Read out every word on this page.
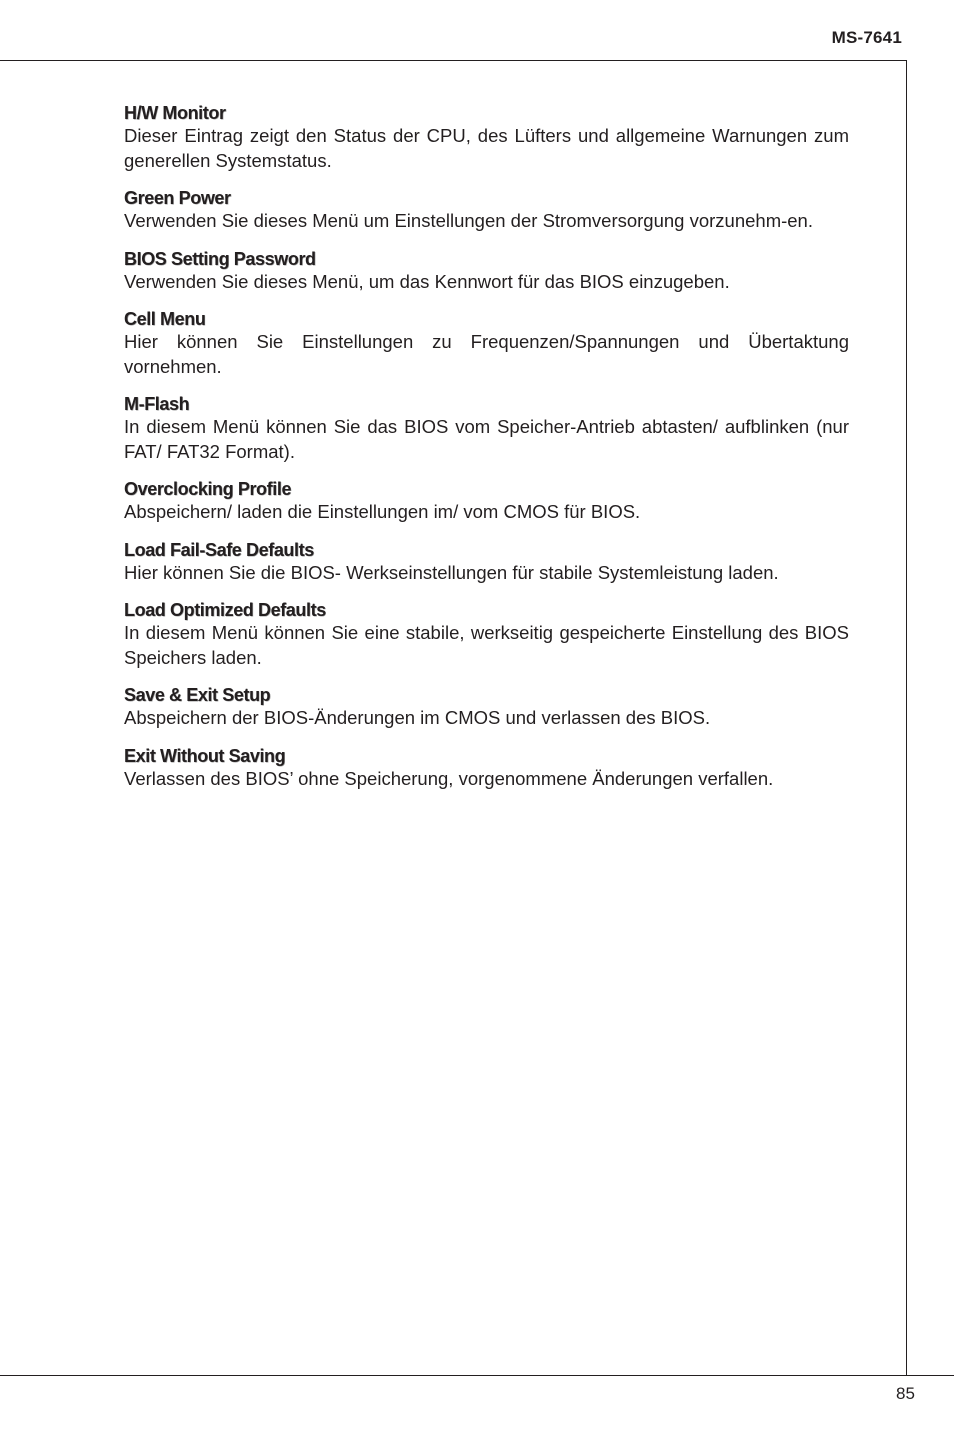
MS-7641
H/W Monitor

Dieser Eintrag zeigt den Status der CPU, des Lüfters und allgemeine Warnungen zum generellen Systemstatus.

Green Power

Verwenden Sie dieses Menü um Einstellungen der Stromversorgung vorzunehm-en.

BIOS Setting Password

Verwenden Sie dieses Menü, um das Kennwort für das BIOS einzugeben.

Cell Menu

Hier können Sie Einstellungen zu Frequenzen/Spannungen und Übertaktung vornehmen.

M-Flash

In diesem Menü können Sie das BIOS vom Speicher-Antrieb abtasten/ aufblinken (nur FAT/ FAT32 Format).

Overclocking Profile

Abspeichern/ laden die Einstellungen im/ vom CMOS für BIOS.

Load Fail-Safe Defaults

Hier können Sie die BIOS- Werkseinstellungen für stabile Systemleistung laden.

Load Optimized Defaults

In diesem Menü können Sie eine stabile, werkseitig gespeicherte Einstellung des BIOS Speichers laden.

Save & Exit Setup

Abspeichern der BIOS-Änderungen im CMOS und verlassen des BIOS.

Exit Without Saving

Verlassen des BIOS’ ohne Speicherung, vorgenommene Änderungen verfallen.

85
